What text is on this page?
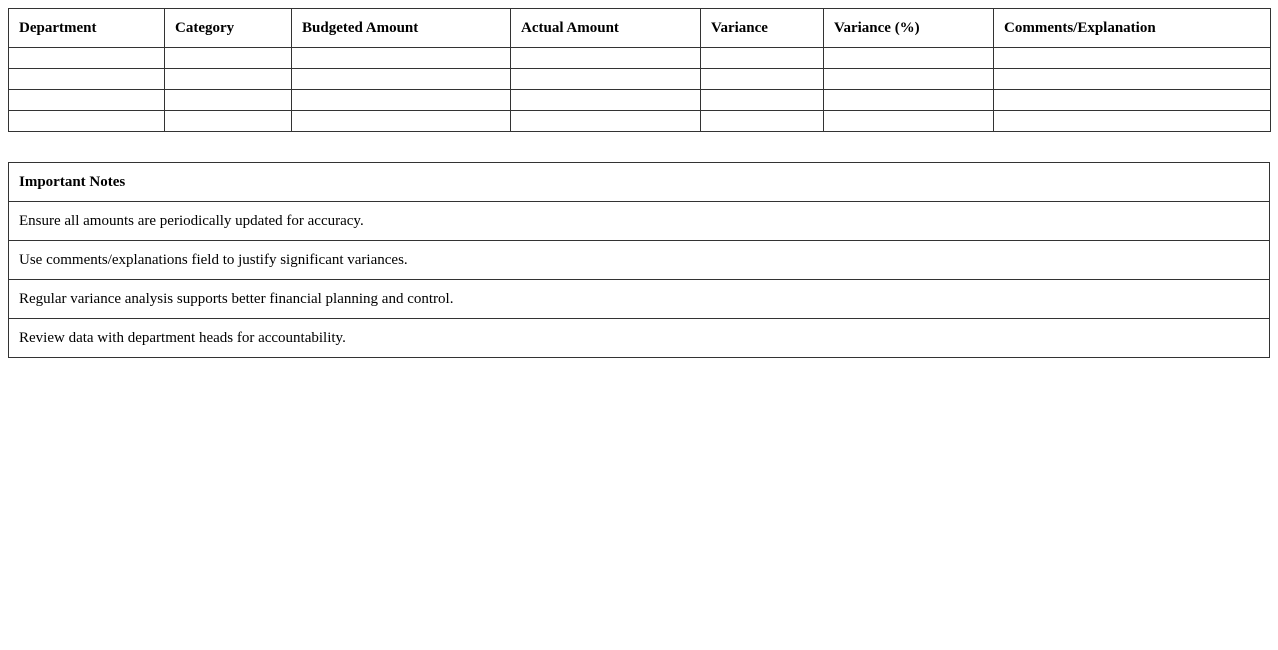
Department	Category	Budgeted Amount	Actual Amount	Variance	Variance (%)	Comments/Explanation

Important Notes
Ensure all amounts are periodically updated for accuracy.
Use comments/explanations field to justify significant variances.
Regular variance analysis supports better financial planning and control.
Review data with department heads for accountability.
